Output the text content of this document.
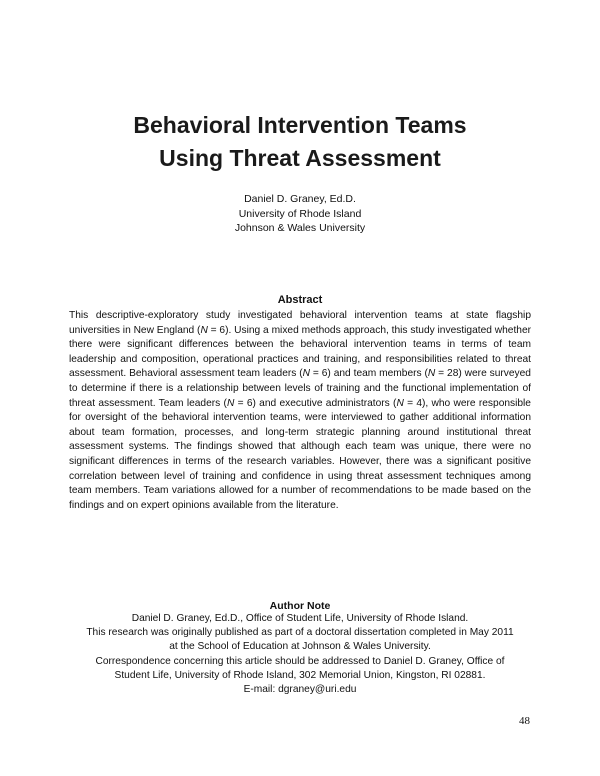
Behavioral Intervention Teams
Using Threat Assessment
Daniel D. Graney, Ed.D.
University of Rhode Island
Johnson & Wales University
Abstract

This descriptive-exploratory study investigated behavioral intervention teams at state flagship universities in New England (N = 6). Using a mixed methods approach, this study investigated whether there were significant differences between the behavioral intervention teams in terms of team leadership and composition, operational practices and training, and responsibilities related to threat assessment. Behavioral assessment team leaders (N = 6) and team members (N = 28) were surveyed to determine if there is a relationship between levels of training and the functional implementation of threat assessment. Team leaders (N = 6) and executive administrators (N = 4), who were responsible for oversight of the behavioral intervention teams, were interviewed to gather additional information about team formation, processes, and long-term strategic planning around institutional threat assessment systems. The findings showed that although each team was unique, there were no significant differences in terms of the research variables. However, there was a significant positive correlation between level of training and confidence in using threat assessment techniques among team members. Team variations allowed for a number of recommendations to be made based on the findings and on expert opinions available from the literature.

Author Note
Daniel D. Graney, Ed.D., Office of Student Life, University of Rhode Island.
This research was originally published as part of a doctoral dissertation completed in May 2011
at the School of Education at Johnson & Wales University.
Correspondence concerning this article should be addressed to Daniel D. Graney, Office of
Student Life, University of Rhode Island, 302 Memorial Union, Kingston, RI 02881.
E-mail: dgraney@uri.edu
48
